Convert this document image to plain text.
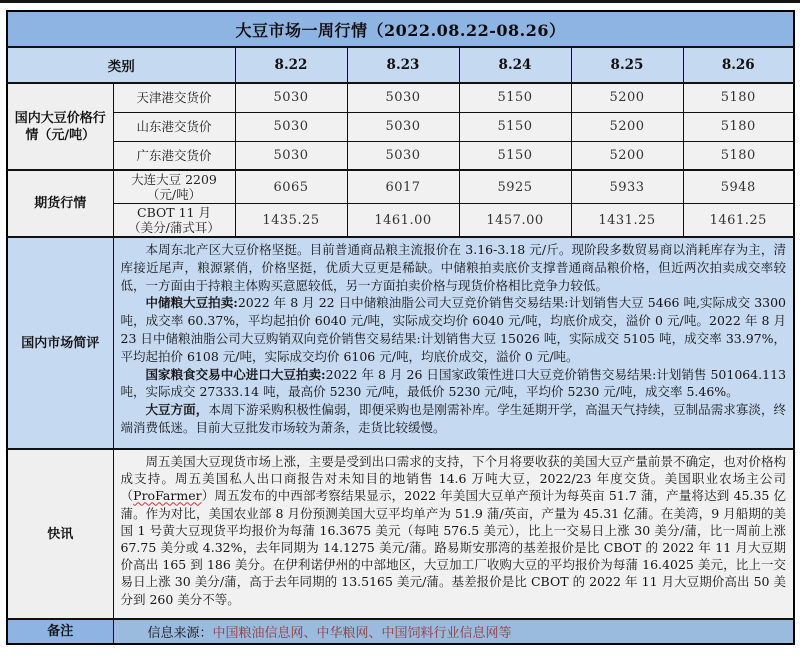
大豆市场一周行情（2022.08.22-08.26）						
类别		8.22	8.23	8.24	8.25	8.26
国内大豆价格行情（元/吨）	天津港交货价	5030	5030	5150	5200	5180
	山东港交货价	5030	5030	5150	5200	5180
	广东港交货价	5030	5030	5150	5200	5180
期货行情	大连大豆 2209
（元/吨）	6065	6017	5925	5933	5948

	CBOT 11 月
（美分/蒲式耳）	1435.25	1461.00	1457.00	1431.25	1461.25
国内市场简评	本周东北产区大豆价格坚挺。目前普通商品粮主流报价在 3.16-3.18 元/斤。现阶段多数贸易商以消耗库存为主，清库接近尾声，粮源紧俏，价格坚挺，优质大豆更是稀缺。中储粮拍卖底价支撑普通商品粮价格，但近两次拍卖成交率较低，一方面由于持粮主体购买意愿较低，另一方面拍卖价格与现货价格相比竞争力较低。

中储粮大豆拍卖:2022 年 8 月 22 日中储粮油脂公司大豆竞价销售交易结果:计划销售大豆 5466 吨,实际成交 3300 吨，成交率 60.37%，平均起拍价 6040 元/吨，实际成交均价 6040 元/吨，均底价成交，溢价 0 元/吨。2022 年 8 月 23 日中储粮油脂公司大豆购销双向竞价销售交易结果:计划销售大豆 15026 吨，实际成交 5105 吨，成交率 33.97%，平均起拍价 6108 元/吨，实际成交均价 6106 元/吨，均底价成交，溢价 0 元/吨。

国家粮食交易中心进口大豆拍卖:2022 年 8 月 26 日国家政策性进口大豆竞价销售交易结果:计划销售 501064.113 吨，实际成交 27333.14 吨，最高价 5230 元/吨，最低价 5230 元/吨，平均价 5230 元/吨，成交率 5.46%。

大豆方面，本周下游采购积极性偏弱，即便采购也是刚需补库。学生延期开学，高温天气持续，豆制品需求寡淡，终端消费低迷。目前大豆批发市场较为萧条，走货比较缓慢。					

快讯	周五美国大豆现货市场上涨，主要是受到出口需求的支持，下个月将要收获的美国大豆产量前景不确定，也对价格构成支持。周五美国私人出口商报告对未知目的地销售 14.6 万吨大豆，2022/23 年度交货。美国职业农场主公司（ProFarmer）周五发布的中西部考察结果显示，2022 年美国大豆单产预计为每英亩 51.7 蒲，产量将达到 45.35 亿蒲。作为对比，美国农业部 8 月份预测美国大豆平均单产为 51.9 蒲/英亩，产量为 45.31 亿蒲。在美湾，9 月船期的美国 1 号黄大豆现货平均报价为每蒲 16.3675 美元（每吨 576.5 美元），比上一交易日上涨 30 美分/蒲，比一周前上涨 67.75 美分或 4.32%，去年同期为 14.1275 美元/蒲。路易斯安那湾的基差报价是比 CBOT 的 2022 年 11 月大豆期价高出 165 到 186 美分。在伊利诺伊州的中部地区，大豆加工厂收购大豆的平均报价为每蒲 16.4025 美元，比上一交易日上涨 30 美分/蒲，高于去年同期的 13.5165 美元/蒲。基差报价是比 CBOT 的 2022 年 11 月大豆期价高出 50 美分到 260 美分不等。					

备注	信息来源：中国粮油信息网、中华粮网、中国饲料行业信息网等					
